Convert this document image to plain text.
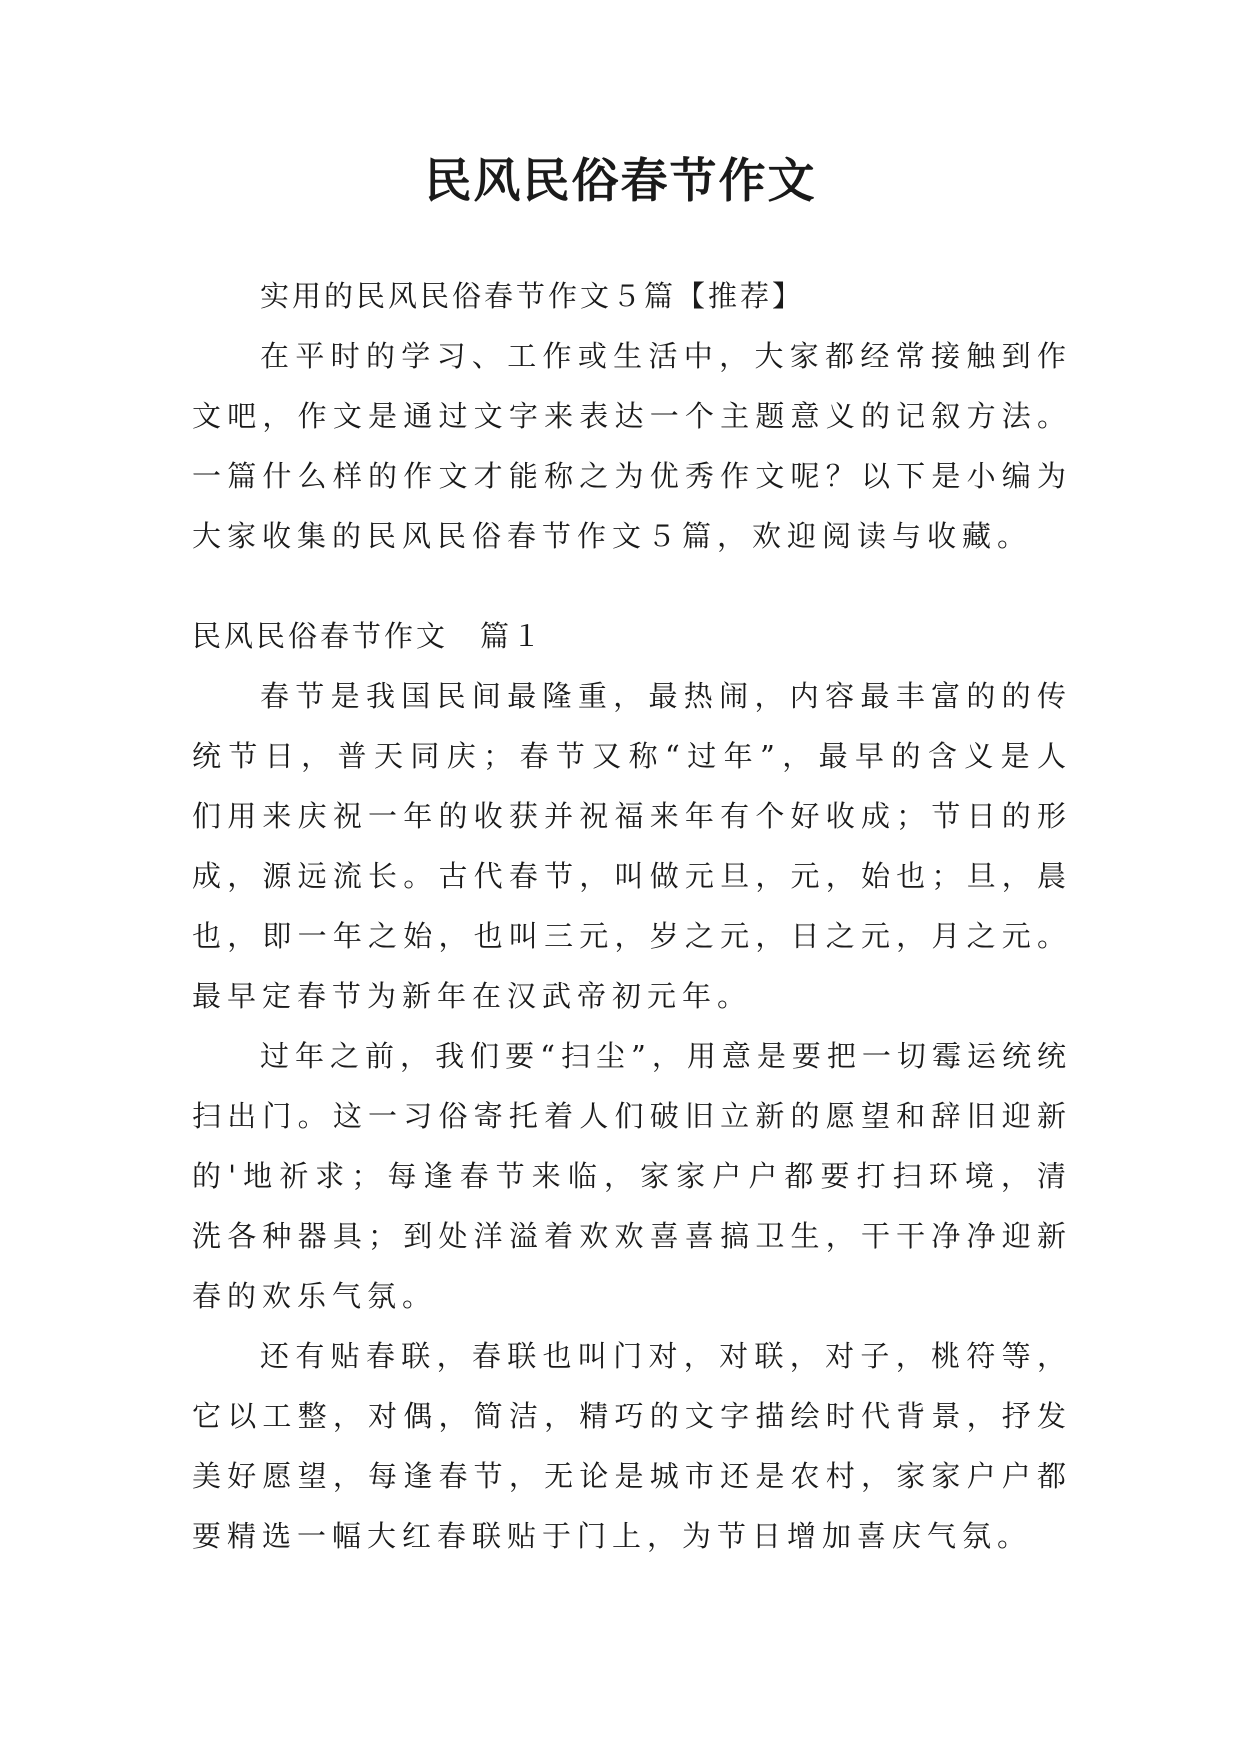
民风民俗春节作文

实用的民风民俗春节作文５篇【推荐】

在平时的学习、工作或生活中，大家都经常接触到作文吧，作文是通过文字来表达一个主题意义的记叙方法。一篇什么样的作文才能称之为优秀作文呢？以下是小编为大家收集的民风民俗春节作文５篇，欢迎阅读与收藏。

民风民俗春节作文　篇１

春节是我国民间最隆重，最热闹，内容最丰富的的传统节日，普天同庆；春节又称“过年”，最早的含义是人们用来庆祝一年的收获并祝福来年有个好收成；节日的形成，源远流长。古代春节，叫做元旦，元，始也；旦，晨也，即一年之始，也叫三元，岁之元，日之元，月之元。最早定春节为新年在汉武帝初元年。

过年之前，我们要“扫尘”，用意是要把一切霉运统统扫出门。这一习俗寄托着人们破旧立新的愿望和辞旧迎新的'地祈求；每逢春节来临，家家户户都要打扫环境，清洗各种器具；到处洋溢着欢欢喜喜搞卫生，干干净净迎新春的欢乐气氛。

还有贴春联，春联也叫门对，对联，对子，桃符等，它以工整，对偶，简洁，精巧的文字描绘时代背景，抒发美好愿望，每逢春节，无论是城市还是农村，家家户户都要精选一幅大红春联贴于门上，为节日增加喜庆气氛。
